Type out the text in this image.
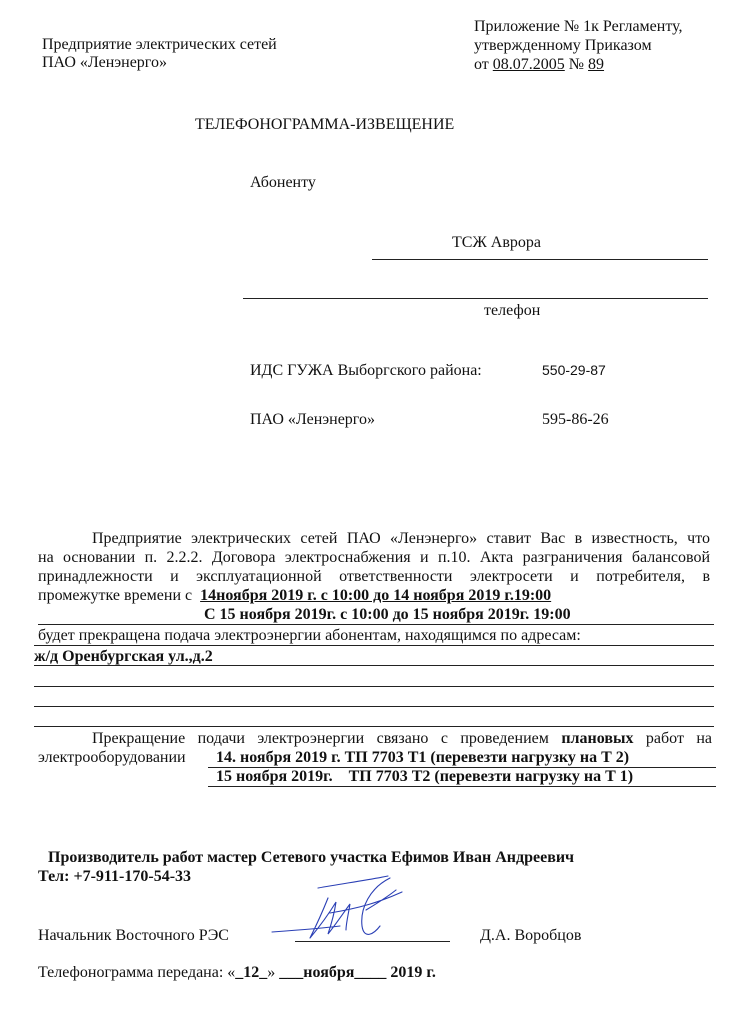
Предприятие электрических сетей
ПАО «Ленэнерго»
Приложение № 1к Регламенту,
утвержденному Приказом
от 08.07.2005 № 89
ТЕЛЕФОНОГРАММА-ИЗВЕЩЕНИЕ
Абоненту
ТСЖ Аврора
телефон
ИДС ГУЖА Выборгского района:	550-29-87
ПАО «Ленэнерго»	595-86-26
Предприятие электрических сетей ПАО «Ленэнерго» ставит Вас в известность, что
на основании п. 2.2.2. Договора электроснабжения и п.10. Акта разграничения балансовой
принадлежности и эксплуатационной ответственности электросети и потребителя, в
промежутке времени с 14ноября 2019 г. с 10:00 до 14 ноября 2019 г.19:00
С 15 ноября 2019г. с 10:00 до 15 ноября 2019г. 19:00
будет прекращена подача электроэнергии абонентам, находящимся по адресам:
ж/д Оренбургская ул.,д.2
Прекращение подачи электроэнергии связано с проведением плановых работ на
электрооборудовании 14. ноября 2019 г. ТП 7703 Т1 (перевезти нагрузку на Т 2)
15 ноября 2019г.    ТП 7703 Т2 (перевезти нагрузку на Т 1)
Производитель работ мастер Сетевого участка Ефимов Иван Андреевич
Тел: +7-911-170-54-33
Начальник Восточного РЭС	Д.А. Воробцов
Телефонограмма передана: «_12_» ___ноября____ 2019 г.
